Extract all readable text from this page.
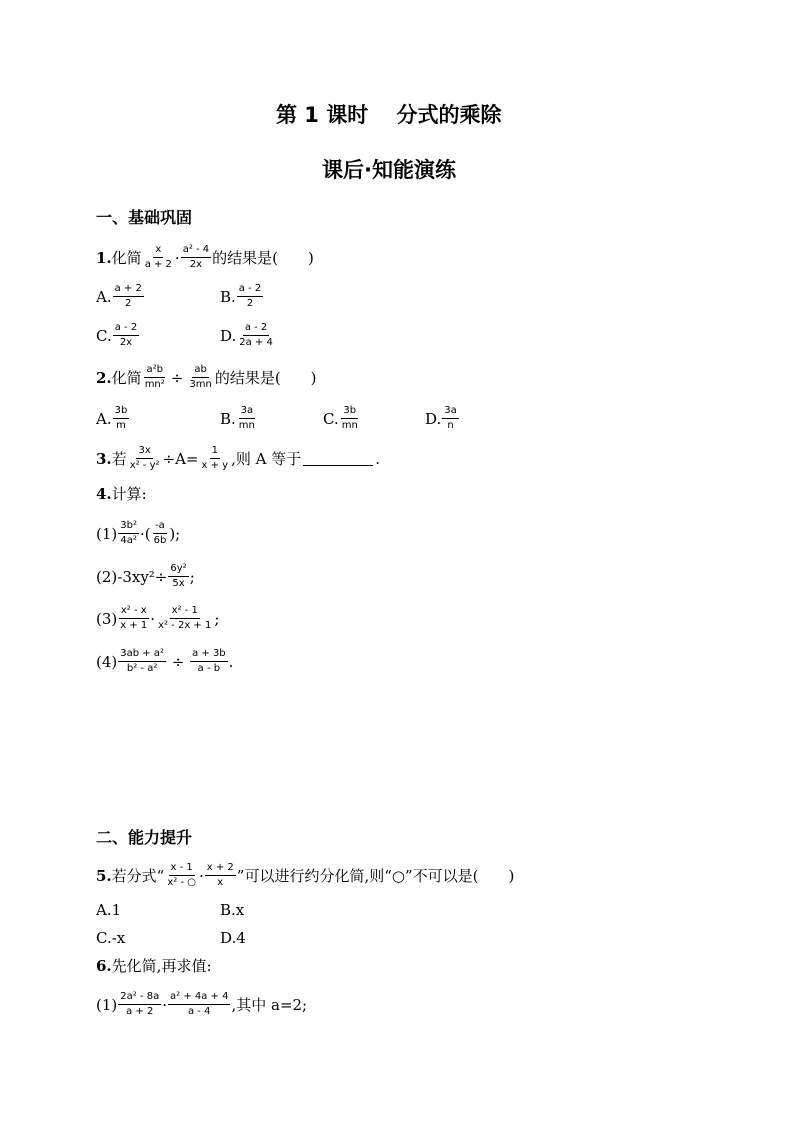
第 1 课时　 分式的乘除
课后·知能演练
一、基础巩固
1. 化简 $\frac{x}{a + 2} \cdot \frac{\text{a² - 4}}{2x}$ 的结果是(　　)
A. $\frac{a + 2}{2}$	B. $\frac{a - 2}{2}$
C. $\frac{a - 2}{2x}$	D. $\frac{a - 2}{2a + 4}$
2. 化简 $\frac{\text{a²b}}{\text{mn²}} \div \frac{ab}{3mn}$ 的结果是(　　)
A. $\frac{3b}{m}$	B. $\frac{3a}{mn}$	C. $\frac{3b}{mn}$	D. $\frac{3a}{n}$
3. 若 $\frac{3x}{\text{x² - y²}} \div A= \frac{1}{x + y}$ ,则 A 等于	.
4. 计算:
$(1) \frac{\text{3b²}}{\text{4a²}}$ ·( $\frac{-a}{6b}$ );
(2) $-3xy^2\div \frac{\text{6y²}}{5x}$ ;
$(3) \frac{\text{x² - x}}{x + 1} \cdot \frac{\text{x² - 1}}{\text{x² - 2x + 1}}$ ;
$(4) \frac{\text{3ab + a²}}{\text{b² - a²}} \div \frac{a + 3b}{a - b}$ .
二、能力提升
5. 若分式“ $\frac{x - 1}{\text{x² - ○}} \cdot \frac{x + 2}{x}$ ”可以进行约分化简,则“○”不可以是(　　)
A.1	B.x
C.-x	D.4
6. 先化简,再求值:
$(1) \frac{\text{2a² - 8a}}{a + 2} \cdot \frac{\text{a² + 4a + 4}}{a - 4}$ ,其中 a=2;
